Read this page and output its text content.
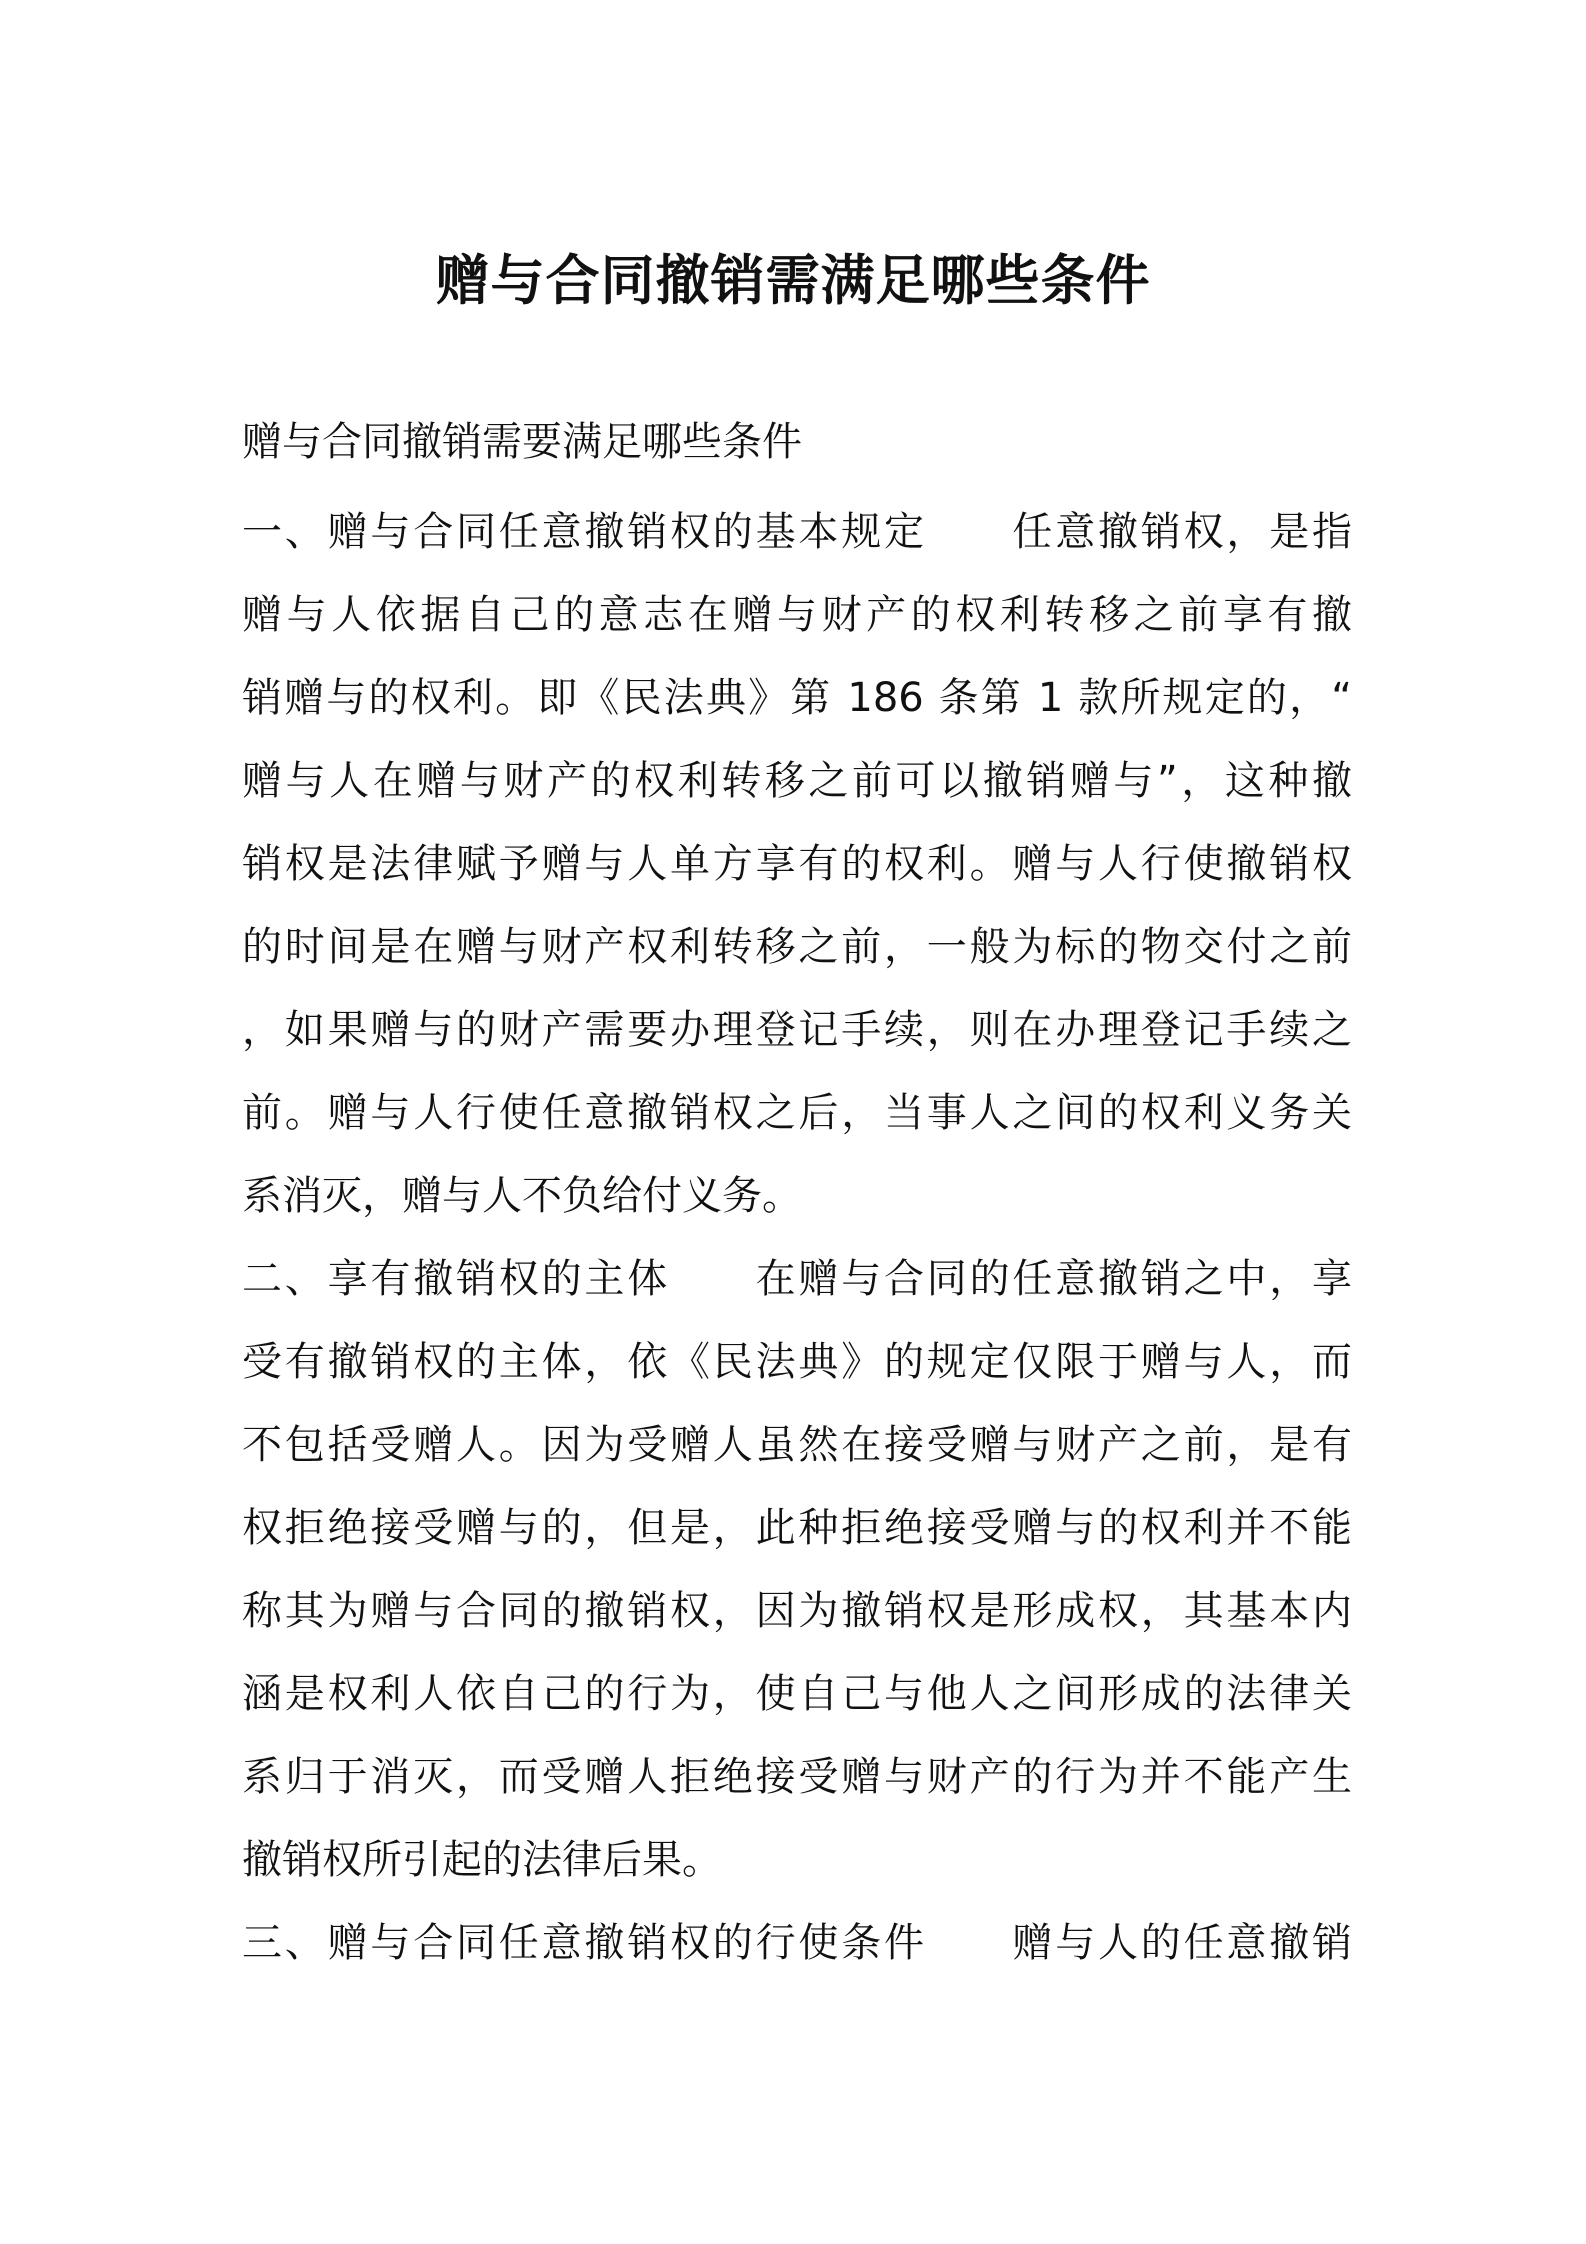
赠与合同撤销需满足哪些条件

赠与合同撤销需要满足哪些条件

一、赠与合同任意撤销权的基本规定　　任意撤销权，是指
赠与人依据自己的意志在赠与财产的权利转移之前享有撤
销赠与的权利。即《民法典》第 186 条第 1 款所规定的，“
赠与人在赠与财产的权利转移之前可以撤销赠与”，这种撤
销权是法律赋予赠与人单方享有的权利。赠与人行使撤销权
的时间是在赠与财产权利转移之前，一般为标的物交付之前
，如果赠与的财产需要办理登记手续，则在办理登记手续之
前。赠与人行使任意撤销权之后，当事人之间的权利义务关
系消灭，赠与人不负给付义务。
二、享有撤销权的主体　　在赠与合同的任意撤销之中，享
受有撤销权的主体，依《民法典》的规定仅限于赠与人，而
不包括受赠人。因为受赠人虽然在接受赠与财产之前，是有
权拒绝接受赠与的，但是，此种拒绝接受赠与的权利并不能
称其为赠与合同的撤销权，因为撤销权是形成权，其基本内
涵是权利人依自己的行为，使自己与他人之间形成的法律关
系归于消灭，而受赠人拒绝接受赠与财产的行为并不能产生
撤销权所引起的法律后果。
三、赠与合同任意撤销权的行使条件　　赠与人的任意撤销
